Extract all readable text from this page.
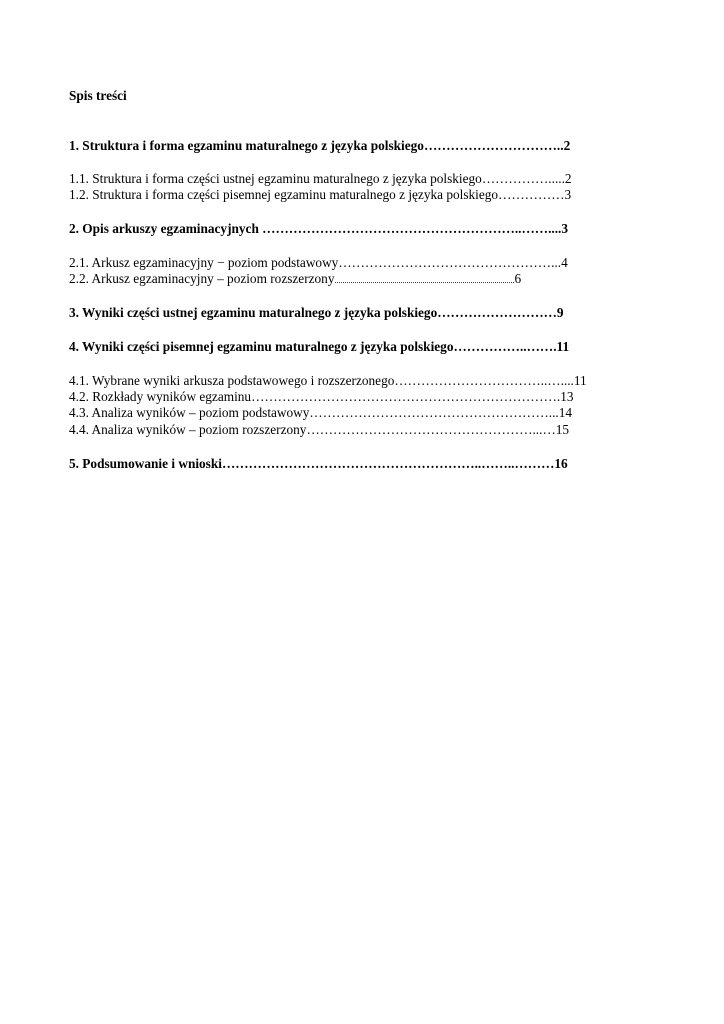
Spis treści
1. Struktura i forma egzaminu maturalnego z języka polskiego…………………………..2
1.1. Struktura i forma części ustnej egzaminu maturalnego z języka polskiego…………….....2
1.2. Struktura i forma części pisemnej egzaminu maturalnego z języka polskiego……………3
2. Opis arkuszy egzaminacyjnych …………………………………………………..……....3
2.1. Arkusz egzaminacyjny − poziom podstawowy…………………………………………...4
2.2. Arkusz egzaminacyjny – poziom rozszerzony..........................................................................................6
3. Wyniki części ustnej egzaminu maturalnego z języka polskiego………………………9
4. Wyniki części pisemnej egzaminu maturalnego z języka polskiego……………..…….11
4.1. Wybrane wyniki arkusza podstawowego i rozszerzonego……………………………..…....11
4.2. Rozkłady wyników egzaminu…………………………………………………………….13
4.3. Analiza wyników – poziom podstawowy………………………………………………...14
4.4. Analiza wyników – poziom rozszerzony……………………………………………...…15
5. Podsumowanie i wnioski…………………………………………………..……..………16
